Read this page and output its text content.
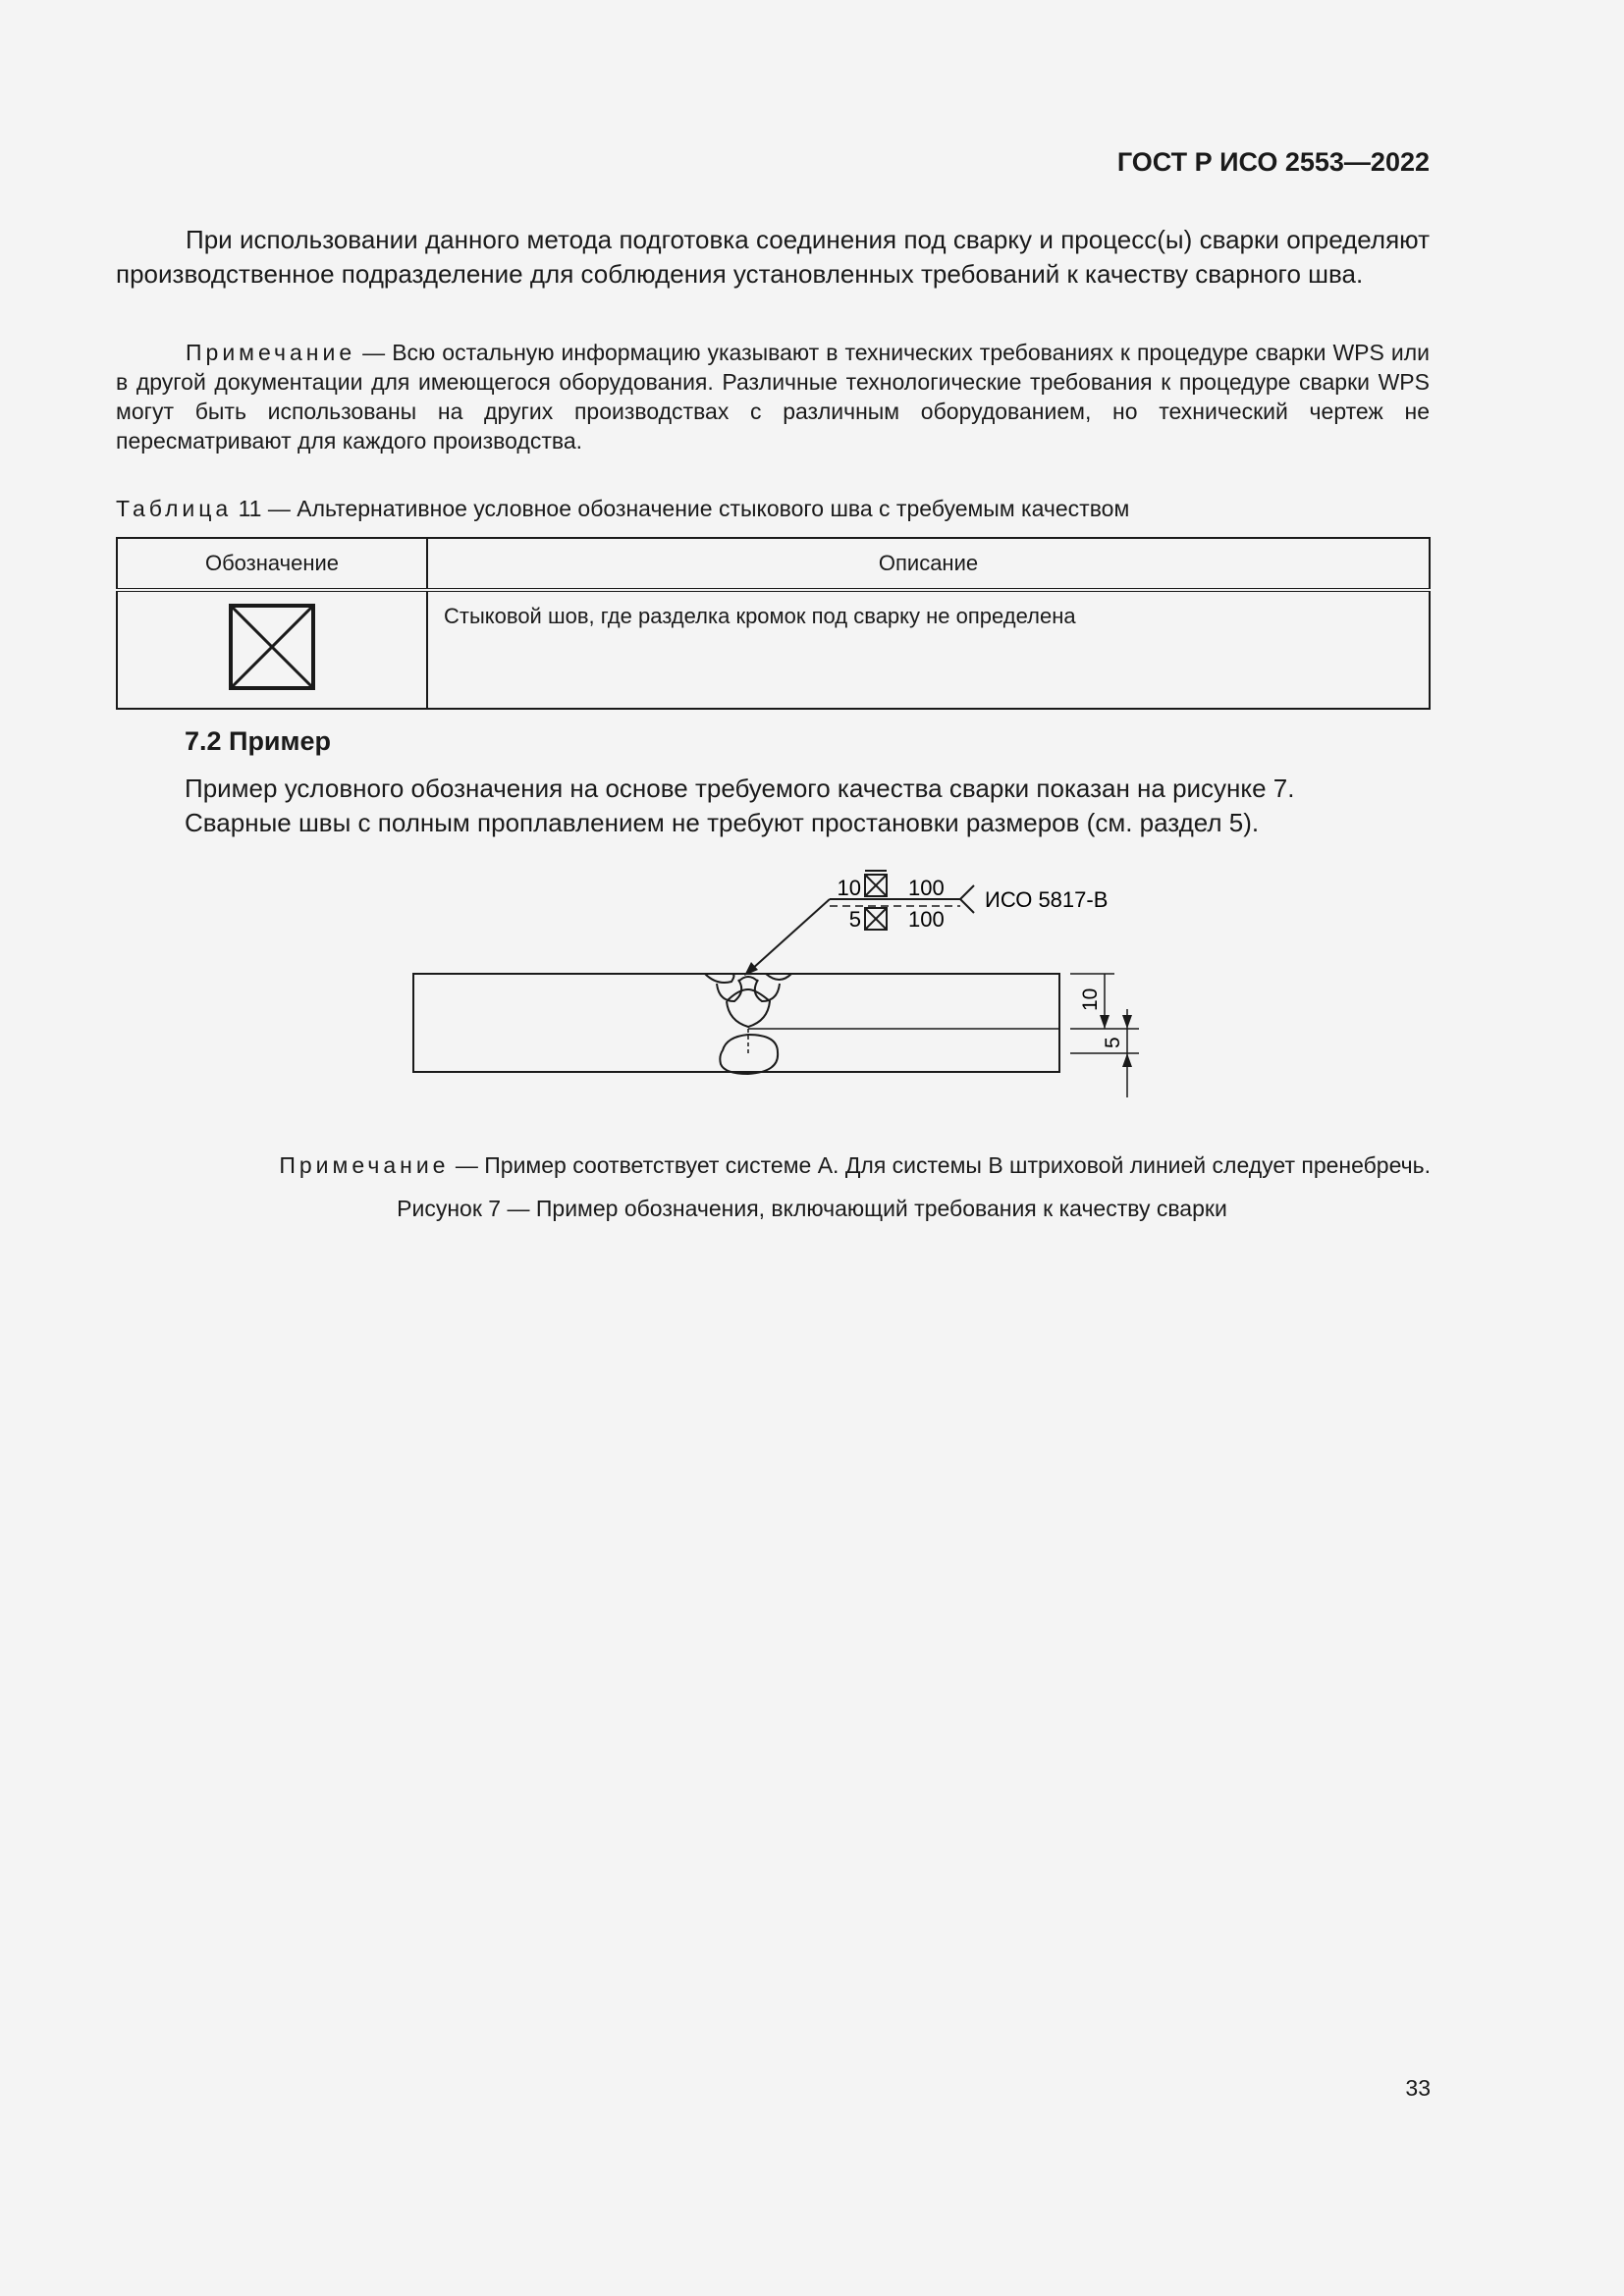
ГОСТ Р ИСО 2553—2022
При использовании данного метода подготовка соединения под сварку и процесс(ы) сварки определяют производственное подразделение для соблюдения установленных требований к качеству сварного шва.
Примечание — Всю остальную информацию указывают в технических требованиях к процедуре сварки WPS или в другой документации для имеющегося оборудования. Различные технологические требования к процедуре сварки WPS могут быть использованы на других производствах с различным оборудованием, но технический чертеж не пересматривают для каждого производства.
Таблица 11 — Альтернативное условное обозначение стыкового шва с требуемым качеством
Обозначение	Описание
	Стыковой шов, где разделка кромок под сварку не определена
7.2 Пример
Пример условного обозначения на основе требуемого качества сварки показан на рисунке 7.
Сварные швы с полным проплавлением не требуют простановки размеров (см. раздел 5).
10 100
5 100
ИСО 5817-В
10
5
Примечание — Пример соответствует системе А. Для системы В штриховой линией следует пренебречь.
Рисунок 7 — Пример обозначения, включающий требования к качеству сварки
33
